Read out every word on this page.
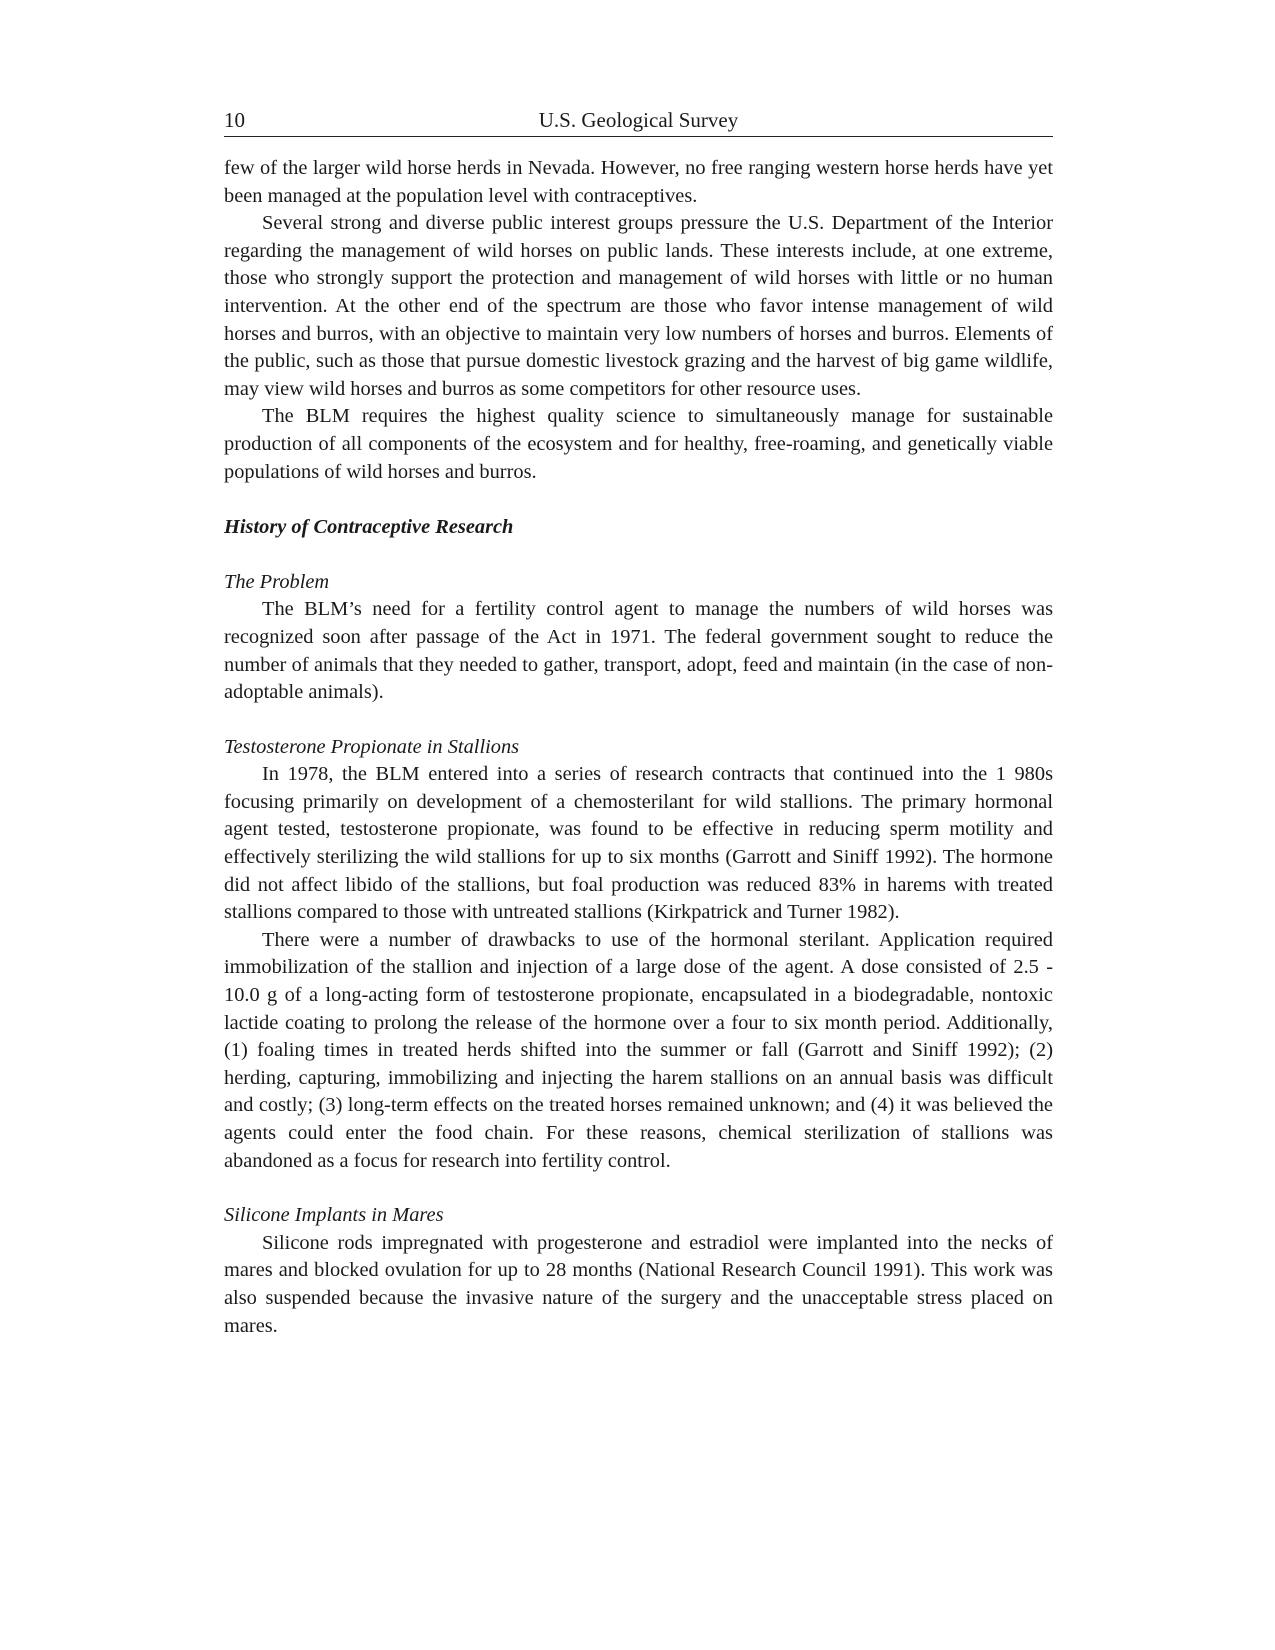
10	U.S. Geological Survey

few of the larger wild horse herds in Nevada. However, no free ranging western horse herds have yet been managed at the population level with contraceptives.

Several strong and diverse public interest groups pressure the U.S. Department of the Interior regarding the management of wild horses on public lands. These interests include, at one extreme, those who strongly support the protection and management of wild horses with little or no human intervention. At the other end of the spectrum are those who favor intense management of wild horses and burros, with an objective to maintain very low numbers of horses and burros. Elements of the public, such as those that pursue domestic livestock grazing and the harvest of big game wildlife, may view wild horses and burros as some competitors for other resource uses.

The BLM requires the highest quality science to simultaneously manage for sustainable production of all components of the ecosystem and for healthy, free-roaming, and genetically viable populations of wild horses and burros.

History of Contraceptive Research
The Problem

The BLM’s need for a fertility control agent to manage the numbers of wild horses was recognized soon after passage of the Act in 1971. The federal government sought to reduce the number of animals that they needed to gather, transport, adopt, feed and maintain (in the case of non-adoptable animals).

Testosterone Propionate in Stallions

In 1978, the BLM entered into a series of research contracts that continued into the 1 980s focusing primarily on development of a chemosterilant for wild stallions. The primary hormonal agent tested, testosterone propionate, was found to be effective in reducing sperm motility and effectively sterilizing the wild stallions for up to six months (Garrott and Siniff 1992). The hormone did not affect libido of the stallions, but foal production was reduced 83% in harems with treated stallions compared to those with untreated stallions (Kirkpatrick and Turner 1982).

There were a number of drawbacks to use of the hormonal sterilant. Application required immobilization of the stallion and injection of a large dose of the agent. A dose consisted of 2.5 - 10.0 g of a long-acting form of testosterone propionate, encapsulated in a biodegradable, nontoxic lactide coating to prolong the release of the hormone over a four to six month period. Additionally, (1) foaling times in treated herds shifted into the summer or fall (Garrott and Siniff 1992); (2) herding, capturing, immobilizing and injecting the harem stallions on an annual basis was difficult and costly; (3) long-term effects on the treated horses remained unknown; and (4) it was believed the agents could enter the food chain. For these reasons, chemical sterilization of stallions was abandoned as a focus for research into fertility control.

Silicone Implants in Mares

Silicone rods impregnated with progesterone and estradiol were implanted into the necks of mares and blocked ovulation for up to 28 months (National Research Council 1991). This work was also suspended because the invasive nature of the surgery and the unacceptable stress placed on mares.
